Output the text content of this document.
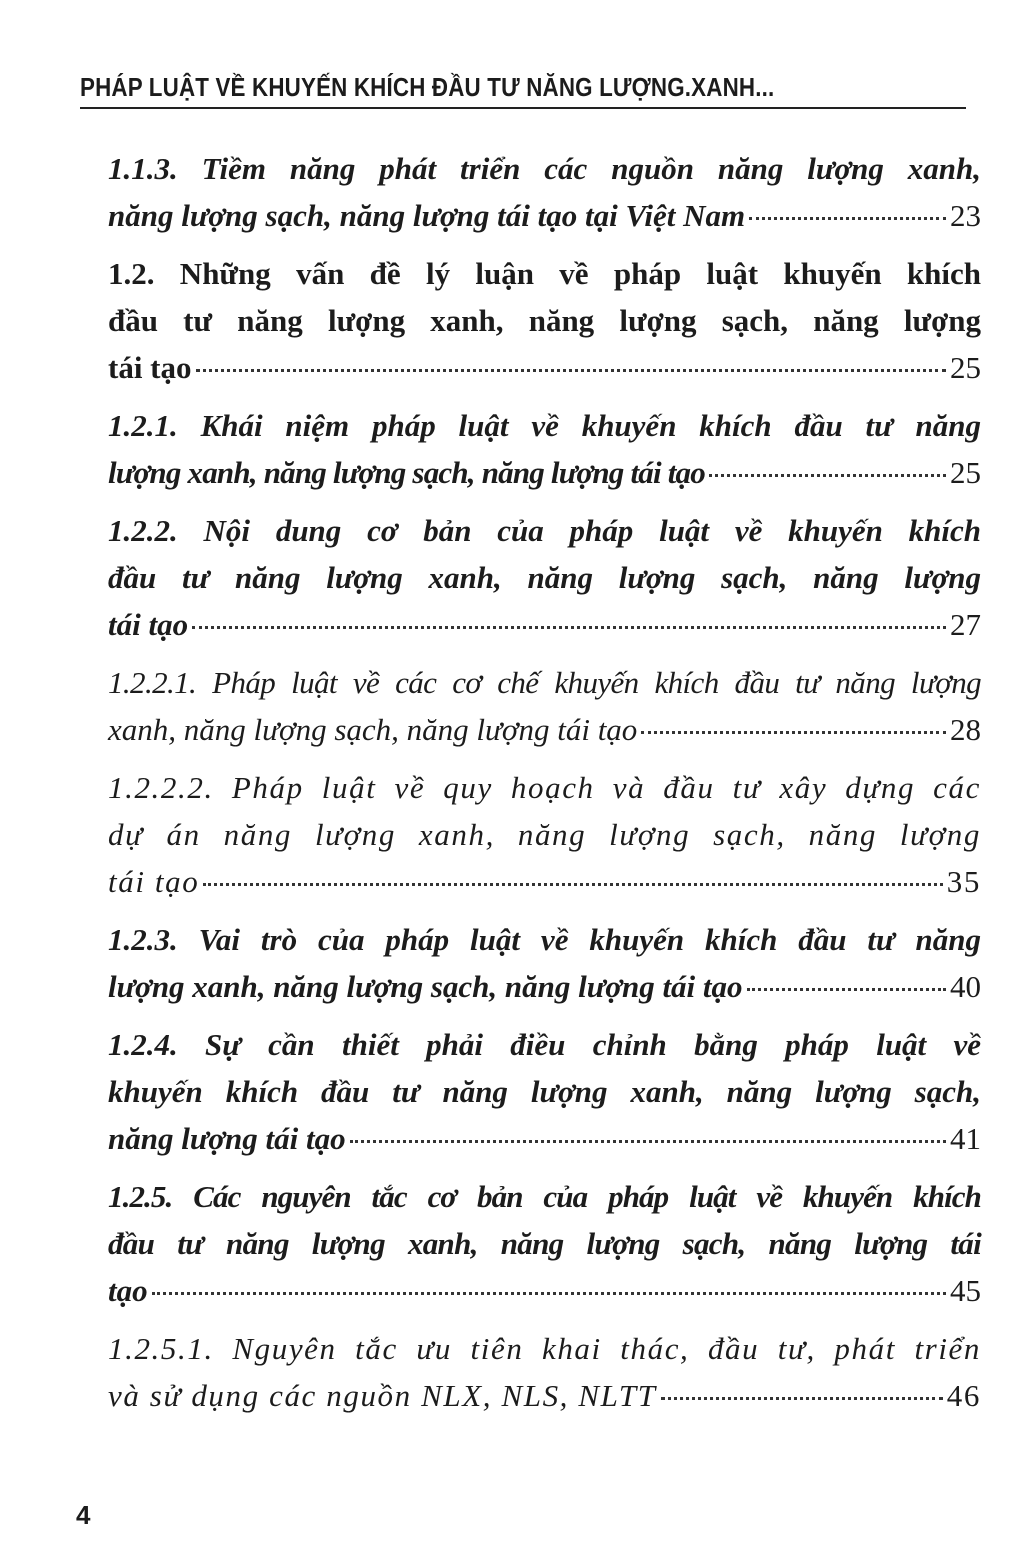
PHÁP LUẬT VỀ KHUYẾN KHÍCH ĐẦU TƯ NĂNG LƯỢNG.XANH...
1.1.3. Tiềm năng phát triển các nguồn năng lượng xanh,
năng lượng sạch, năng lượng tái tạo tại Việt Nam	23
1.2. Những vấn đề lý luận về pháp luật khuyến khích
đầu tư năng lượng xanh, năng lượng sạch, năng lượng
tái tạo	25
1.2.1. Khái niệm pháp luật về khuyến khích đầu tư năng
lượng xanh, năng lượng sạch, năng lượng tái tạo	25
1.2.2. Nội dung cơ bản của pháp luật về khuyến khích
đầu tư năng lượng xanh, năng lượng sạch, năng lượng
tái tạo	27
1.2.2.1. Pháp luật về các cơ chế khuyến khích đầu tư năng lượng
xanh, năng lượng sạch, năng lượng tái tạo	28
1.2.2.2. Pháp luật về quy hoạch và đầu tư xây dựng các
dự án năng lượng xanh, năng lượng sạch, năng lượng
tái tạo	35
1.2.3. Vai trò của pháp luật về khuyến khích đầu tư năng
lượng xanh, năng lượng sạch, năng lượng tái tạo	40
1.2.4. Sự cần thiết phải điều chỉnh bằng pháp luật về
khuyến khích đầu tư năng lượng xanh, năng lượng sạch,
năng lượng tái tạo	41
1.2.5. Các nguyên tắc cơ bản của pháp luật về khuyến khích
đầu tư năng lượng xanh, năng lượng sạch, năng lượng tái
tạo	45
1.2.5.1. Nguyên tắc ưu tiên khai thác, đầu tư, phát triển
và sử dụng các nguồn NLX, NLS, NLTT	46
4
